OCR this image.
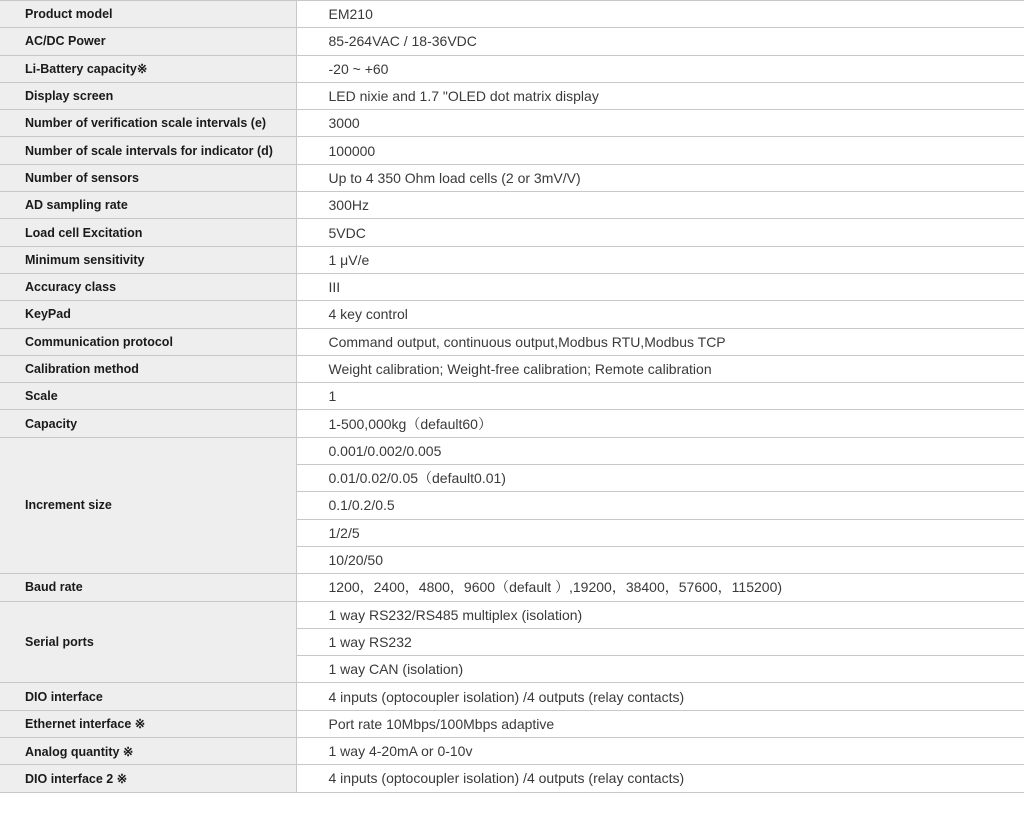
Product model	EM210
AC/DC Power	85-264VAC / 18-36VDC
Li-Battery capacity※	-20 ~ +60
Display screen	LED nixie and 1.7 "OLED dot matrix display
Number of verification scale intervals (e)	3000
Number of scale intervals for indicator (d)	100000
Number of sensors	Up to 4 350 Ohm load cells (2 or 3mV/V)
AD sampling rate	300Hz
Load cell Excitation	5VDC
Minimum sensitivity	1 μV/e
Accuracy class	III
KeyPad	4 key control
Communication protocol	Command output, continuous output,Modbus RTU,Modbus TCP
Calibration method	Weight calibration; Weight-free calibration; Remote calibration
Scale	1
Capacity	1-500,000kg（default60）
Increment size	0.001/0.002/0.005
	0.01/0.02/0.05（default0.01)
	0.1/0.2/0.5
	1/2/5
	10/20/50
Baud rate	1200，2400，4800，9600（default ）,19200，38400，57600，115200)
Serial ports	1 way RS232/RS485 multiplex (isolation)
	1 way RS232
	1 way CAN (isolation)
DIO interface	4 inputs (optocoupler isolation) /4 outputs (relay contacts)
Ethernet interface ※	Port rate 10Mbps/100Mbps adaptive
Analog quantity ※	1 way 4-20mA or 0-10v
DIO interface 2 ※	4 inputs (optocoupler isolation) /4 outputs (relay contacts)
